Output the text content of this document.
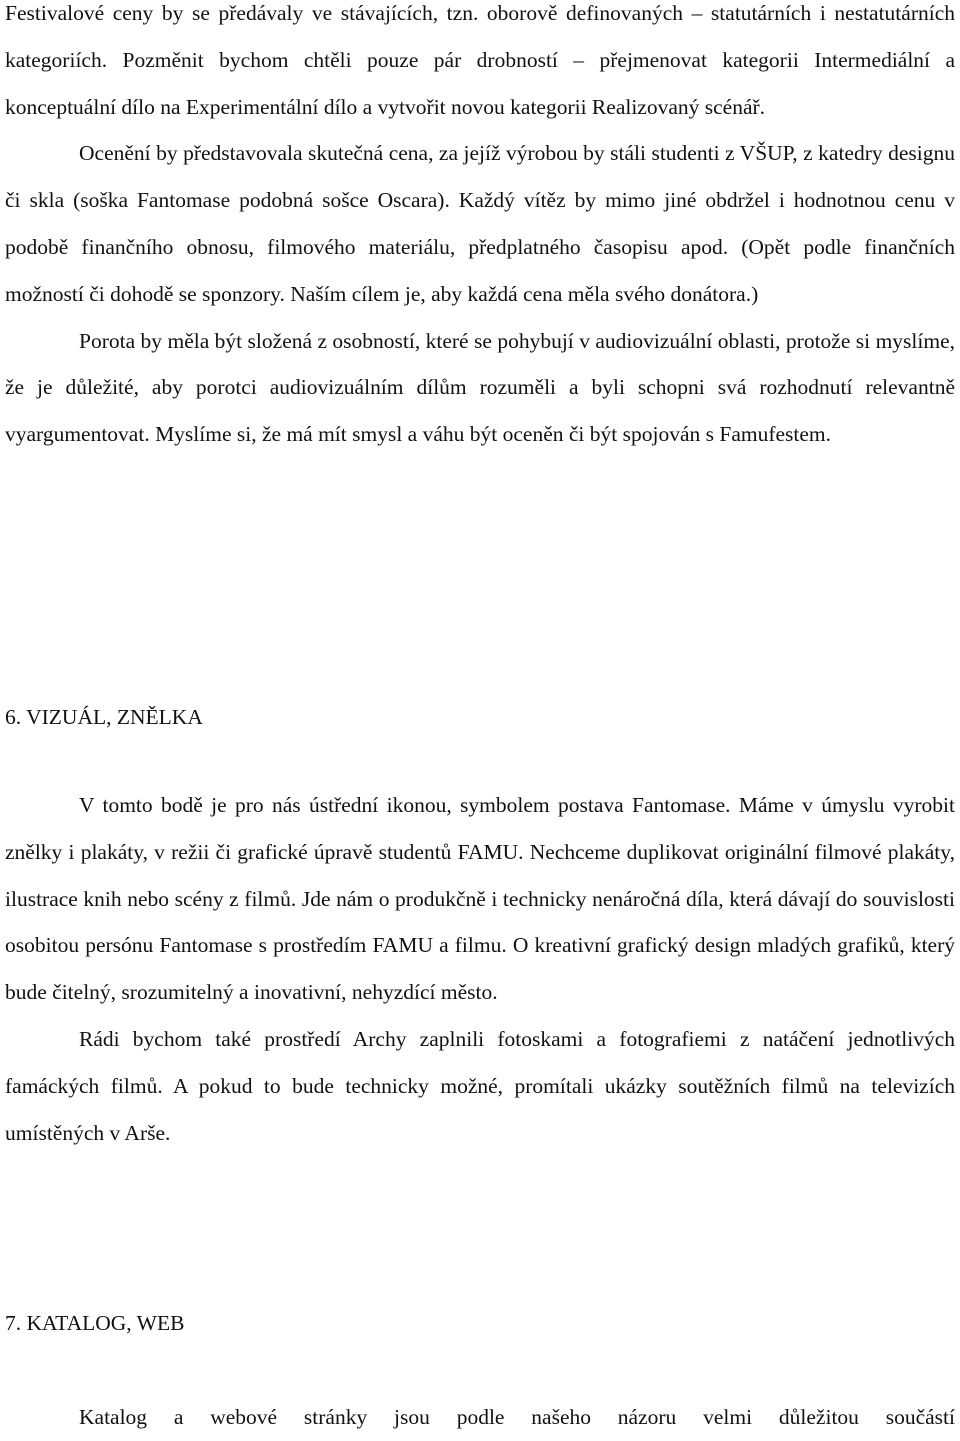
Festivalové ceny by se předávaly ve stávajících, tzn. oborově definovaných – statutárních i nestatutárních kategoriích. Pozměnit bychom chtěli pouze pár drobností – přejmenovat kategorii Intermediální a konceptuální dílo na Experimentální dílo a vytvořit novou kategorii Realizovaný scénář.

Ocenění by představovala skutečná cena, za jejíž výrobou by stáli studenti z VŠUP, z katedry designu či skla (soška Fantomase podobná sošce Oscara). Každý vítěz by mimo jiné obdržel i hodnotnou cenu v podobě finančního obnosu, filmového materiálu, předplatného časopisu apod. (Opět podle finančních možností či dohodě se sponzory. Naším cílem je, aby každá cena měla svého donátora.)

Porota by měla být složená z osobností, které se pohybují v audiovizuální oblasti, protože si myslíme, že je důležité, aby porotci audiovizuálním dílům rozuměli a byli schopni svá rozhodnutí relevantně vyargumentovat. Myslíme si, že má mít smysl a váhu být oceněn či být spojován s Famufestem.

6. VIZUÁL, ZNĚLKA

V tomto bodě je pro nás ústřední ikonou, symbolem postava Fantomase. Máme v úmyslu vyrobit znělky i plakáty, v režii či grafické úpravě studentů FAMU. Nechceme duplikovat originální filmové plakáty, ilustrace knih nebo scény z filmů. Jde nám o produkčně i technicky nenáročná díla, která dávají do souvislosti osobitou persónu Fantomase s prostředím FAMU a filmu. O kreativní grafický design mladých grafiků, který bude čitelný, srozumitelný a inovativní, nehyzdící město.

Rádi bychom také prostředí Archy zaplnili fotoskami a fotografiemi z natáčení jednotlivých famáckých filmů. A pokud to bude technicky možné, promítali ukázky soutěžních filmů na televizích umístěných v Arše.

7. KATALOG, WEB

Katalog a webové stránky jsou podle našeho názoru velmi důležitou součástí
